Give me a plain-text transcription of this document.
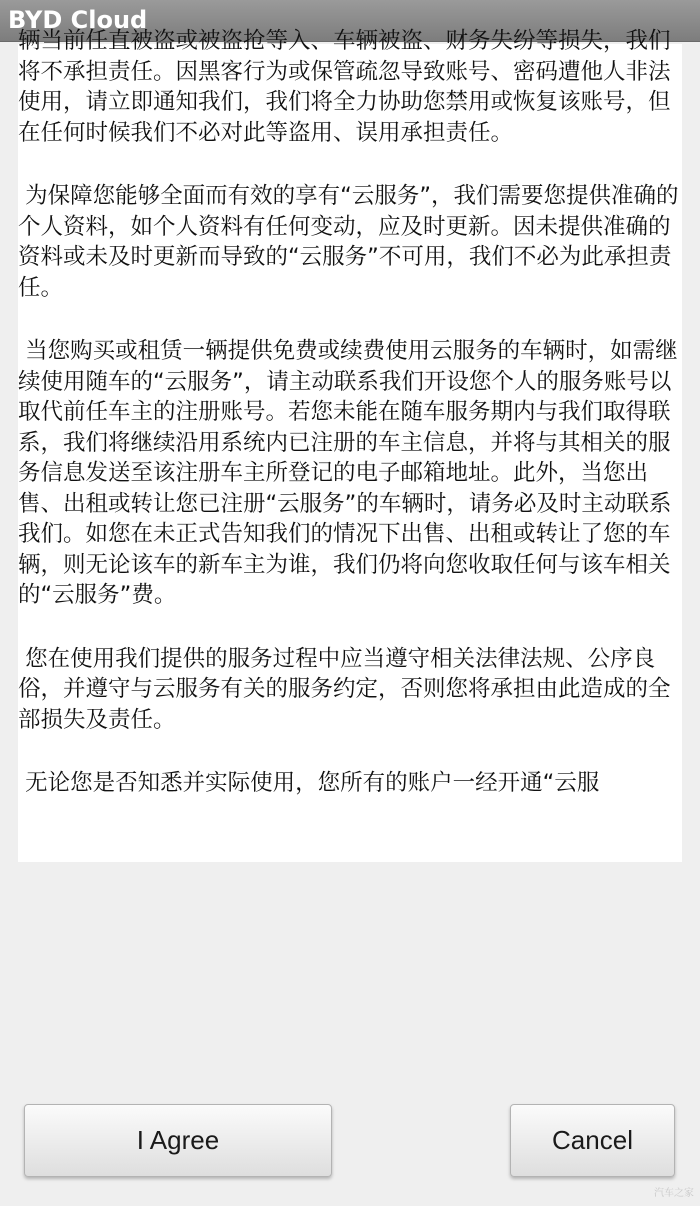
BYD Cloud

辆当前任直被盗或被盗抢等入、车辆被盗、财务失纷等损失，我们将不承担责任。因黑客行为或保管疏忽导致账号、密码遭他人非法使用，请立即通知我们，我们将全力协助您禁用或恢复该账号，但在任何时候我们不必对此等盗用、误用承担责任。

为保障您能够全面而有效的享有“云服务”，我们需要您提供准确的个人资料，如个人资料有任何变动，应及时更新。因未提供准确的资料或未及时更新而导致的“云服务”不可用，我们不必为此承担责任。

当您购买或租赁一辆提供免费或续费使用云服务的车辆时，如需继续使用随车的“云服务”，请主动联系我们开设您个人的服务账号以取代前任车主的注册账号。若您未能在随车服务期内与我们取得联系，我们将继续沿用系统内已注册的车主信息，并将与其相关的服务信息发送至该注册车主所登记的电子邮箱地址。此外，当您出售、出租或转让您已注册“云服务”的车辆时，请务必及时主动联系我们。如您在未正式告知我们的情况下出售、出租或转让了您的车辆，则无论该车的新车主为谁，我们仍将向您收取任何与该车相关的“云服务”费。

您在使用我们提供的服务过程中应当遵守相关法律法规、公序良俗，并遵守与云服务有关的服务约定，否则您将承担由此造成的全部损失及责任。

无论您是否知悉并实际使用，您所有的账户一经开通“云服

I Agree	Cancel
汽车之家
